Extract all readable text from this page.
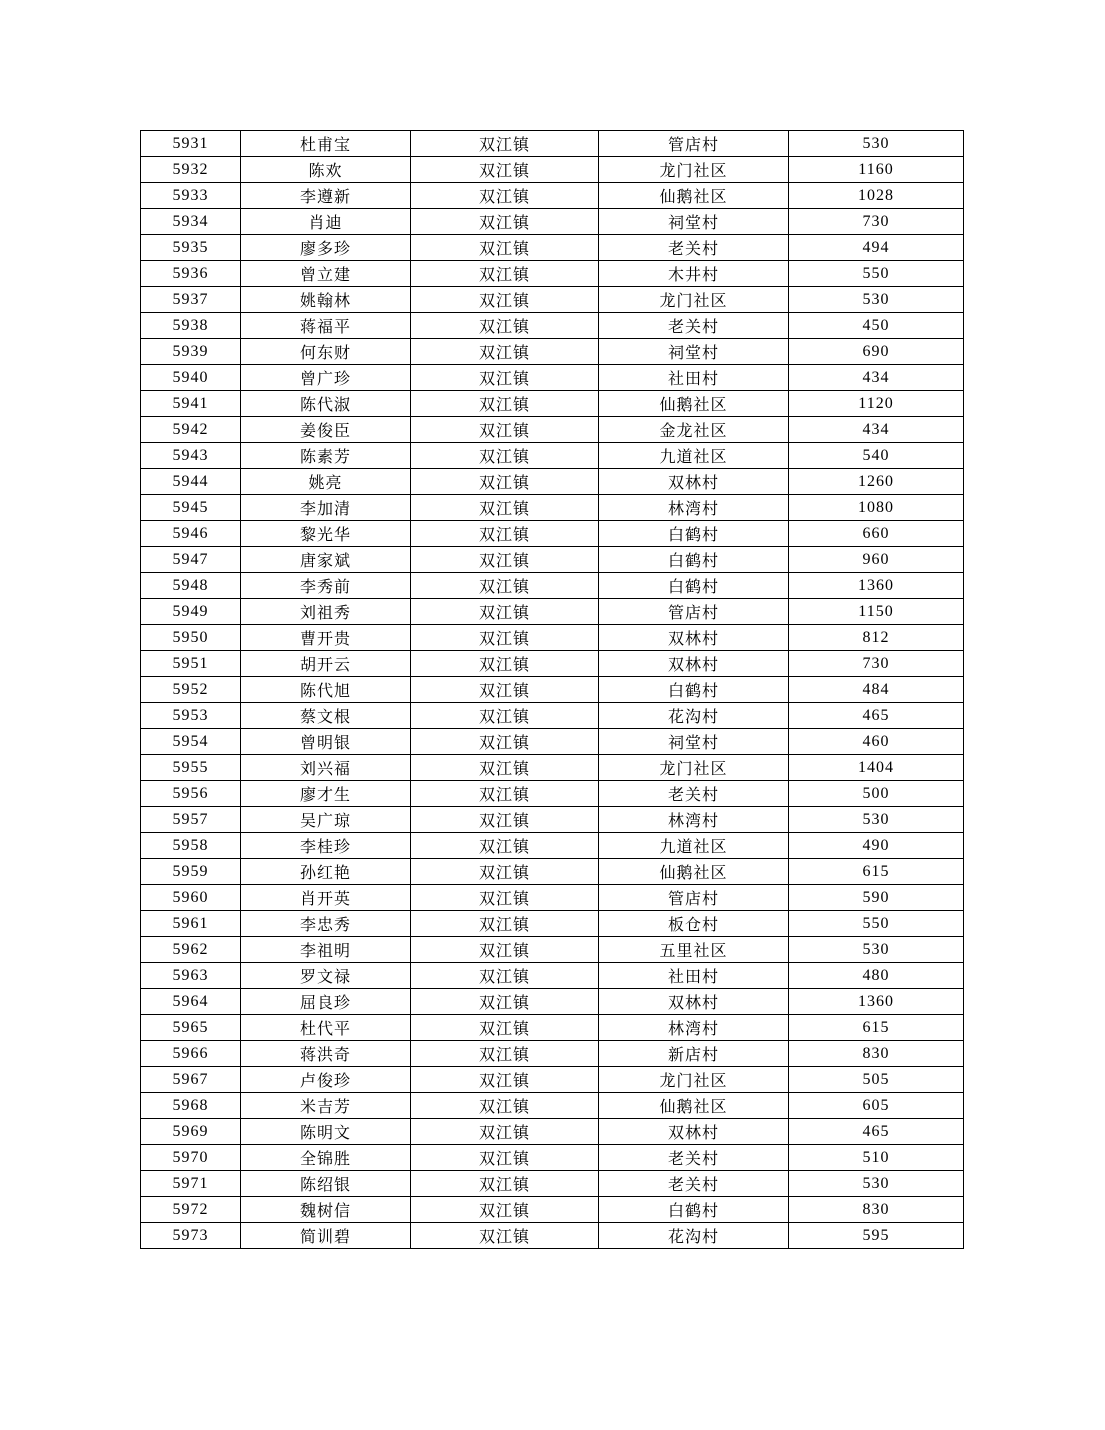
5931	杜甫宝	双江镇	管店村	530
5932	陈欢	双江镇	龙门社区	1160
5933	李遵新	双江镇	仙鹅社区	1028
5934	肖迪	双江镇	祠堂村	730
5935	廖多珍	双江镇	老关村	494
5936	曾立建	双江镇	木井村	550
5937	姚翰林	双江镇	龙门社区	530
5938	蒋福平	双江镇	老关村	450
5939	何东财	双江镇	祠堂村	690
5940	曾广珍	双江镇	社田村	434
5941	陈代淑	双江镇	仙鹅社区	1120
5942	姜俊臣	双江镇	金龙社区	434
5943	陈素芳	双江镇	九道社区	540
5944	姚亮	双江镇	双林村	1260
5945	李加清	双江镇	林湾村	1080
5946	黎光华	双江镇	白鹤村	660
5947	唐家斌	双江镇	白鹤村	960
5948	李秀前	双江镇	白鹤村	1360
5949	刘祖秀	双江镇	管店村	1150
5950	曹开贵	双江镇	双林村	812
5951	胡开云	双江镇	双林村	730
5952	陈代旭	双江镇	白鹤村	484
5953	蔡文根	双江镇	花沟村	465
5954	曾明银	双江镇	祠堂村	460
5955	刘兴福	双江镇	龙门社区	1404
5956	廖才生	双江镇	老关村	500
5957	吴广琼	双江镇	林湾村	530
5958	李桂珍	双江镇	九道社区	490
5959	孙红艳	双江镇	仙鹅社区	615
5960	肖开英	双江镇	管店村	590
5961	李忠秀	双江镇	板仓村	550
5962	李祖明	双江镇	五里社区	530
5963	罗文禄	双江镇	社田村	480
5964	屈良珍	双江镇	双林村	1360
5965	杜代平	双江镇	林湾村	615
5966	蒋洪奇	双江镇	新店村	830
5967	卢俊珍	双江镇	龙门社区	505
5968	米吉芳	双江镇	仙鹅社区	605
5969	陈明文	双江镇	双林村	465
5970	全锦胜	双江镇	老关村	510
5971	陈绍银	双江镇	老关村	530
5972	魏树信	双江镇	白鹤村	830
5973	简训碧	双江镇	花沟村	595
